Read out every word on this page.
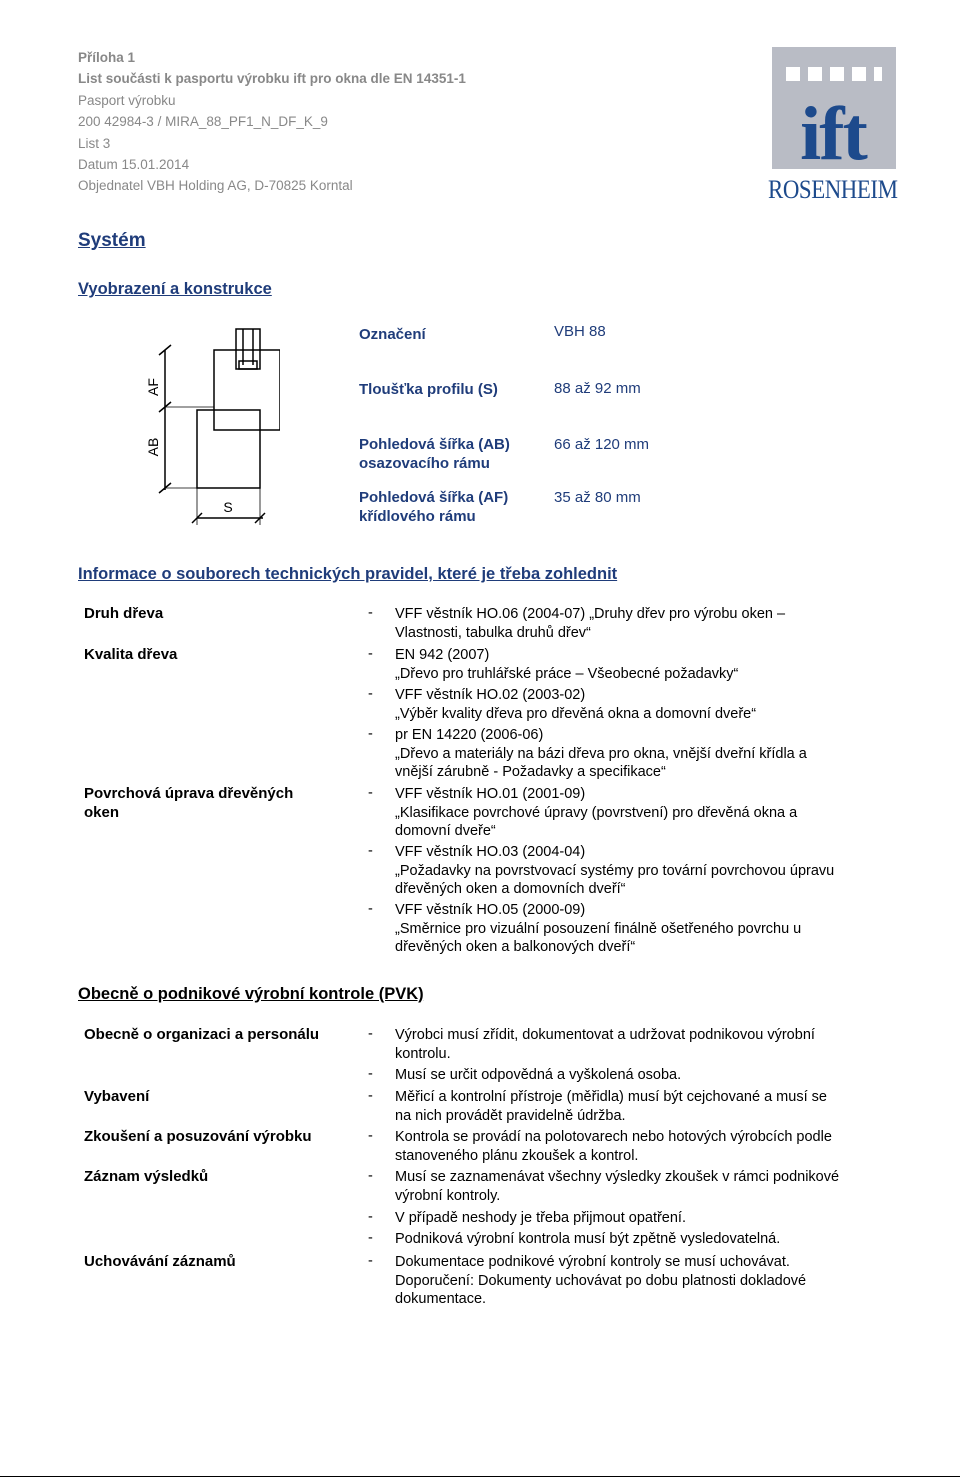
Příloha 1
List součásti k pasportu výrobku ift pro okna dle EN 14351-1
Pasport výrobku
200 42984-3 / MIRA_88_PF1_N_DF_K_9
List 3
Datum 15.01.2014
Objednatel VBH Holding AG, D-70825 Korntal
ift
ROSENHEIM
Systém
Vyobrazení a konstrukce
AF
AB
S
Označení	VBH 88
Tloušťka profilu (S)	88 až 92 mm
Pohledová šířka (AB)
osazovacího rámu
66 až 120 mm
Pohledová šířka (AF)
křídlového rámu
35 až 80 mm
Informace o souborech technických pravidel, které je třeba zohlednit
Druh dřeva	- VFF věstník HO.06 (2004-07) „Druhy dřev pro výrobu oken –
Vlastnosti, tabulka druhů dřev“
Kvalita dřeva	- EN 942 (2007)
„Dřevo pro truhlářské práce – Všeobecné požadavky“
- VFF věstník HO.02 (2003-02)
„Výběr kvality dřeva pro dřevěná okna a domovní dveře“
- pr EN 14220 (2006-06)
„Dřevo a materiály na bázi dřeva pro okna, vnější dveřní křídla a
vnější zárubně - Požadavky a specifikace“
Povrchová úprava dřevěných
oken
- VFF věstník HO.01 (2001-09)
„Klasifikace povrchové úpravy (povrstvení) pro dřevěná okna a
domovní dveře“
- VFF věstník HO.03 (2004-04)
„Požadavky na povrstvovací systémy pro tovární povrchovou úpravu
dřevěných oken a domovních dveří“
- VFF věstník HO.05 (2000-09)
„Směrnice pro vizuální posouzení finálně ošetřeného povrchu u
dřevěných oken a balkonových dveří“
Obecně o podnikové výrobní kontrole (PVK)
Obecně o organizaci a personálu	- Výrobci musí zřídit, dokumentovat a udržovat podnikovou výrobní
kontrolu.
- Musí se určit odpovědná a vyškolená osoba.
Vybavení	- Měřicí a kontrolní přístroje (měřidla) musí být cejchované a musí se
na nich provádět pravidelně údržba.
Zkoušení a posuzování výrobku	- Kontrola se provádí na polotovarech nebo hotových výrobcích podle
stanoveného plánu zkoušek a kontrol.
Záznam výsledků	- Musí se zaznamenávat všechny výsledky zkoušek v rámci podnikové
výrobní kontroly.
- V případě neshody je třeba přijmout opatření.
- Podniková výrobní kontrola musí být zpětně vysledovatelná.
Uchovávání záznamů	- Dokumentace podnikové výrobní kontroly se musí uchovávat.
Doporučení: Dokumenty uchovávat po dobu platnosti dokladové
dokumentace.
